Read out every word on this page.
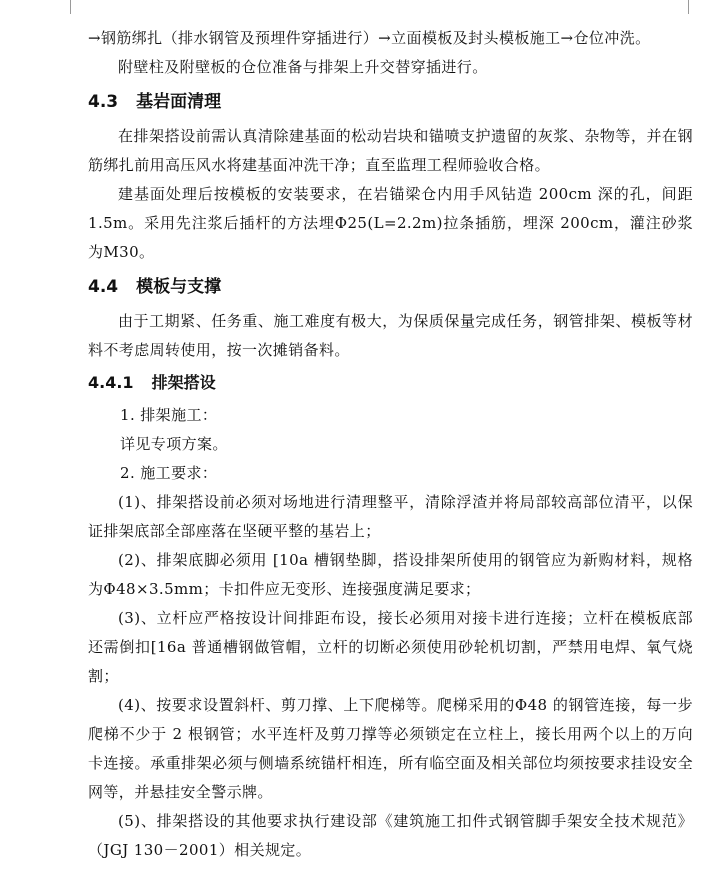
→钢筋绑扎（排水钢管及预埋件穿插进行）→立面模板及封头模板施工→仓位冲洗。

附壁柱及附壁板的仓位准备与排架上升交替穿插进行。

4.3 基岩面清理

在排架搭设前需认真清除建基面的松动岩块和锚喷支护遗留的灰浆、杂物等，并在钢筋绑扎前用高压风水将建基面冲洗干净；直至监理工程师验收合格。

建基面处理后按模板的安装要求，在岩锚梁仓内用手风钻造 200cm 深的孔，间距1.5m。采用先注浆后插杆的方法埋Φ25(L=2.2m)拉条插筋，埋深 200cm，灌注砂浆为M30。

4.4 模板与支撑

由于工期紧、任务重、施工难度有极大，为保质保量完成任务，钢管排架、模板等材料不考虑周转使用，按一次摊销备料。

4.4.1 排架搭设

1. 排架施工：

详见专项方案。

2. 施工要求：

(1)、排架搭设前必须对场地进行清理整平，清除浮渣并将局部较高部位清平，以保证排架底部全部座落在坚硬平整的基岩上；

(2)、排架底脚必须用 [10a 槽钢垫脚，搭设排架所使用的钢管应为新购材料，规格为Φ48×3.5mm；卡扣件应无变形、连接强度满足要求；

(3)、立杆应严格按设计间排距布设，接长必须用对接卡进行连接；立杆在模板底部还需倒扣[16a 普通槽钢做管帽，立杆的切断必须使用砂轮机切割，严禁用电焊、氧气烧割；

(4)、按要求设置斜杆、剪刀撑、上下爬梯等。爬梯采用的Φ48 的钢管连接，每一步爬梯不少于 2 根钢管；水平连杆及剪刀撑等必须锁定在立柱上，接长用两个以上的万向卡连接。承重排架必须与侧墙系统锚杆相连，所有临空面及相关部位均须按要求挂设安全网等，并悬挂安全警示牌。

(5)、排架搭设的其他要求执行建设部《建筑施工扣件式钢管脚手架安全技术规范》（JGJ 130－2001）相关规定。
